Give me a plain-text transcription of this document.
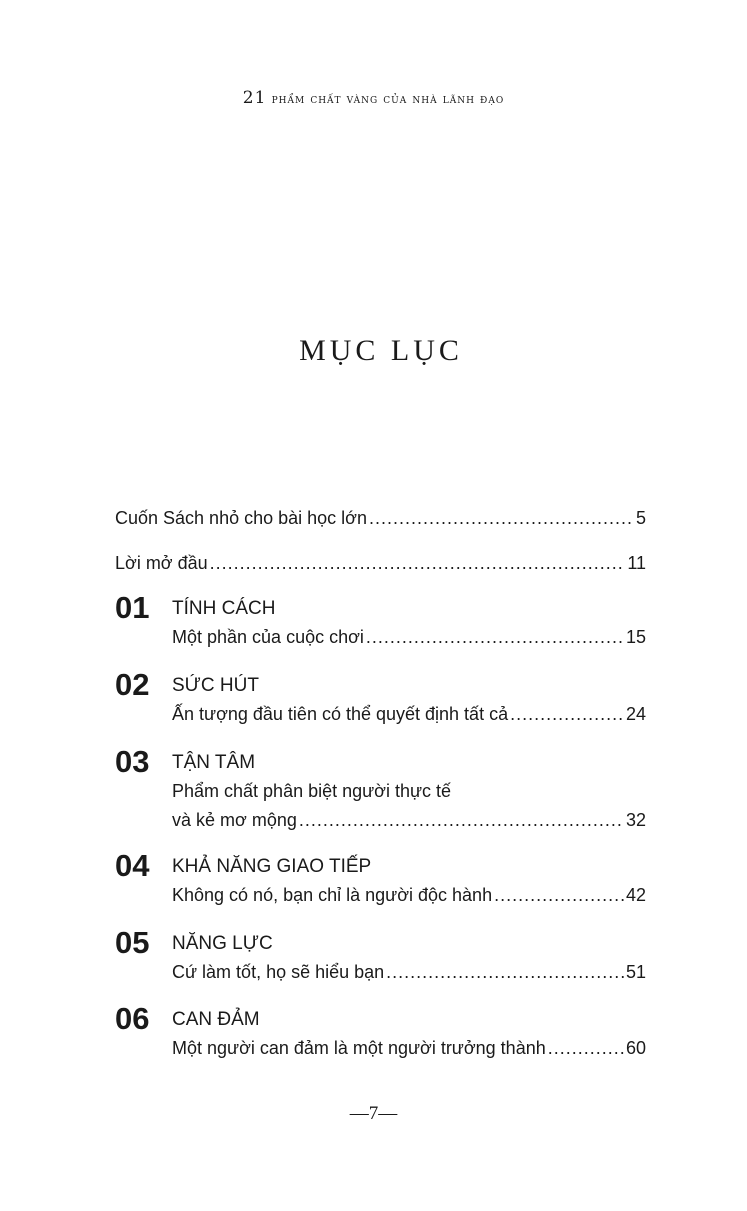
21 phẩm chất vàng của nhà lãnh đạo
MỤC LỤC
Cuốn Sách nhỏ cho bài học lớn .....	5
Lời mở đầu .....	11
01 TÍNH CÁCH
Một phần của cuộc chơi .....	15
02 SỨC HÚT
Ấn tượng đầu tiên có thể quyết định tất cả .....	24
03 TẬN TÂM
Phẩm chất phân biệt người thực tế
và kẻ mơ mộng .....	32
04 KHẢ NĂNG GIAO TIẾP
Không có nó, bạn chỉ là người độc hành .....	42
05 NĂNG LỰC
Cứ làm tốt, họ sẽ hiểu bạn .....	51
06 CAN ĐẢM
Một người can đảm là một người trưởng thành .....	60
—7—
